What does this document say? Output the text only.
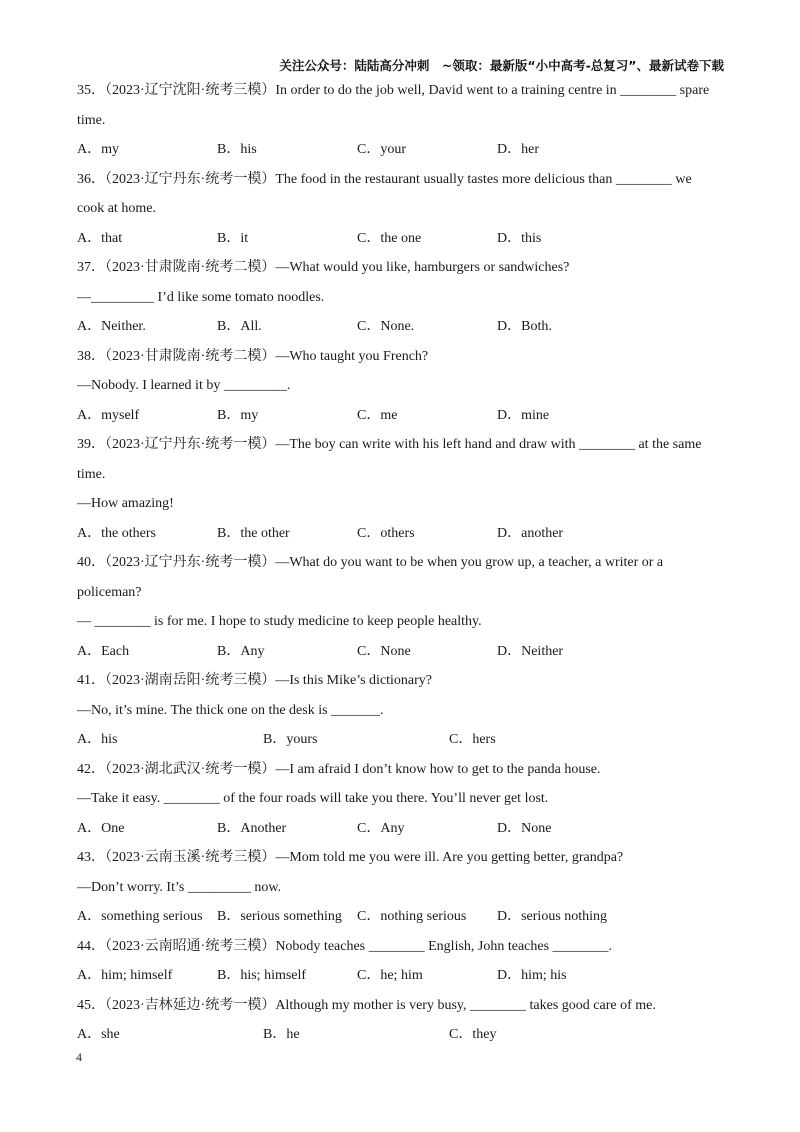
关注公众号：陆陆高分冲刺　~领取：最新版“小中高考-总复习”、最新试卷下载
35．（2023·辽宁沈阳·统考三模）In order to do the job well, David went to a training centre in ________ spare
time.
A．my	B．his	C．your	D．her
36．（2023·辽宁丹东·统考一模）The food in the restaurant usually tastes more delicious than ________ we
cook at home.
A．that	B．it	C．the one	D．this
37．（2023·甘肃陇南·统考二模）—What would you like, hamburgers or sandwiches?
—_________ I’d like some tomato noodles.
A．Neither.	B．All.	C．None.	D．Both.
38．（2023·甘肃陇南·统考二模）—Who taught you French?
—Nobody. I learned it by _________.
A．myself	B．my	C．me	D．mine
39．（2023·辽宁丹东·统考一模）—The boy can write with his left hand and draw with ________ at the same
time.
—How amazing!
A．the others	B．the other	C．others	D．another
40．（2023·辽宁丹东·统考一模）—What do you want to be when you grow up, a teacher, a writer or a
policeman?
— ________ is for me. I hope to study medicine to keep people healthy.
A．Each	B．Any	C．None	D．Neither
41．（2023·湖南岳阳·统考三模）—Is this Mike’s dictionary?
—No, it’s mine. The thick one on the desk is _______.
A．his	B．yours	C．hers
42．（2023·湖北武汉·统考一模）—I am afraid I don’t know how to get to the panda house.
—Take it easy. ________ of the four roads will take you there. You’ll never get lost.
A．One	B．Another	C．Any	D．None
43．（2023·云南玉溪·统考三模）—Mom told me you were ill. Are you getting better, grandpa?
—Don’t worry. It’s _________ now.
A．something serious	B．serious something	C．nothing serious	D．serious nothing
44．（2023·云南昭通·统考三模）Nobody teaches ________ English, John teaches ________.
A．him; himself	B．his; himself	C．he; him	D．him; his
45．（2023·吉林延边·统考一模）Although my mother is very busy, ________ takes good care of me.
A．she	B．he	C．they
4
